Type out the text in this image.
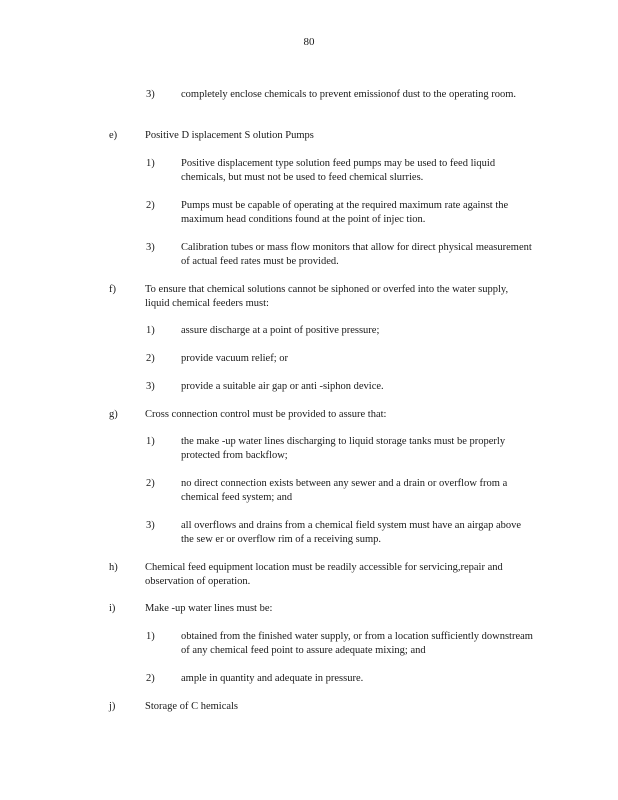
80
3)	completely enclose chemicals to prevent emissionof dust to the operating room.
e)	Positive D isplacement S olution Pumps
1)	Positive displacement type solution feed pumps may be used to feed liquid chemicals, but must not be used to feed chemical slurries.
2)	Pumps must be capable of operating at the required maximum rate against the maximum head conditions found at the point of injec tion.
3)	Calibration tubes or mass flow monitors that allow for direct physical measurement of actual feed rates must be provided.
f)	To ensure that chemical solutions cannot be siphoned or overfed into the water supply, liquid chemical feeders must:
1)	assure discharge at a point of positive pressure;
2)	provide vacuum relief; or
3)	provide a suitable air gap or anti -siphon device.
g)	Cross connection control must be provided to assure that:
1)	the make -up water lines discharging to liquid storage tanks must be properly protected from backflow;
2)	no direct connection exists between any sewer and a drain or overflow from a chemical feed system; and
3)	all overflows and drains from a chemical field system must have an airgap above the sew er or overflow rim of a receiving sump.
h)	Chemical feed equipment location must be readily accessible for servicing,repair and observation of operation.
i)	Make -up water lines must be:
1)	obtained from the finished water supply, or from a location sufficiently downstream of any chemical feed point to assure adequate mixing; and
2)	ample in quantity and adequate in pressure.
j)	Storage of C hemicals
